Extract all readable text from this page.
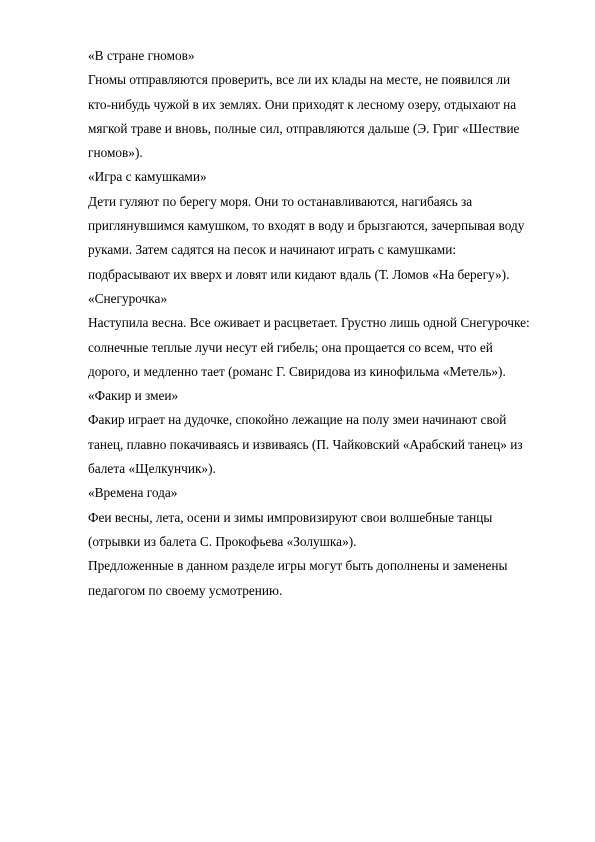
«В стране гномов»
Гномы отправляются проверить, все ли их клады на месте, не появился ли
кто-нибудь чужой в их землях. Они приходят к лесному озеру, отдыхают на
мягкой траве и вновь, полные сил, отправляются дальше (Э. Григ «Шествие
гномов»).
«Игра с камушками»
Дети гуляют по берегу моря. Они то останавливаются, нагибаясь за
приглянувшимся камушком, то входят в воду и брызгаются, зачерпывая воду
руками. Затем садятся на песок и начинают играть с камушками:
подбрасывают их вверх и ловят или кидают вдаль (Т. Ломов «На берегу»).
«Снегурочка»
Наступила весна. Все оживает и расцветает. Грустно лишь одной Снегурочке:
солнечные теплые лучи несут ей гибель; она прощается со всем, что ей
дорого, и медленно тает (романс Г. Свиридова из кинофильма «Метель»).
«Факир и змеи»
Факир играет на дудочке, спокойно лежащие на полу змеи начинают свой
танец, плавно покачиваясь и извиваясь (П. Чайковский «Арабский танец» из
балета «Щелкунчик»).
«Времена года»
Феи весны, лета, осени и зимы импровизируют свои волшебные танцы
(отрывки из балета С. Прокофьева «Золушка»).
Предложенные в данном разделе игры могут быть дополнены и заменены
педагогом по своему усмотрению.
